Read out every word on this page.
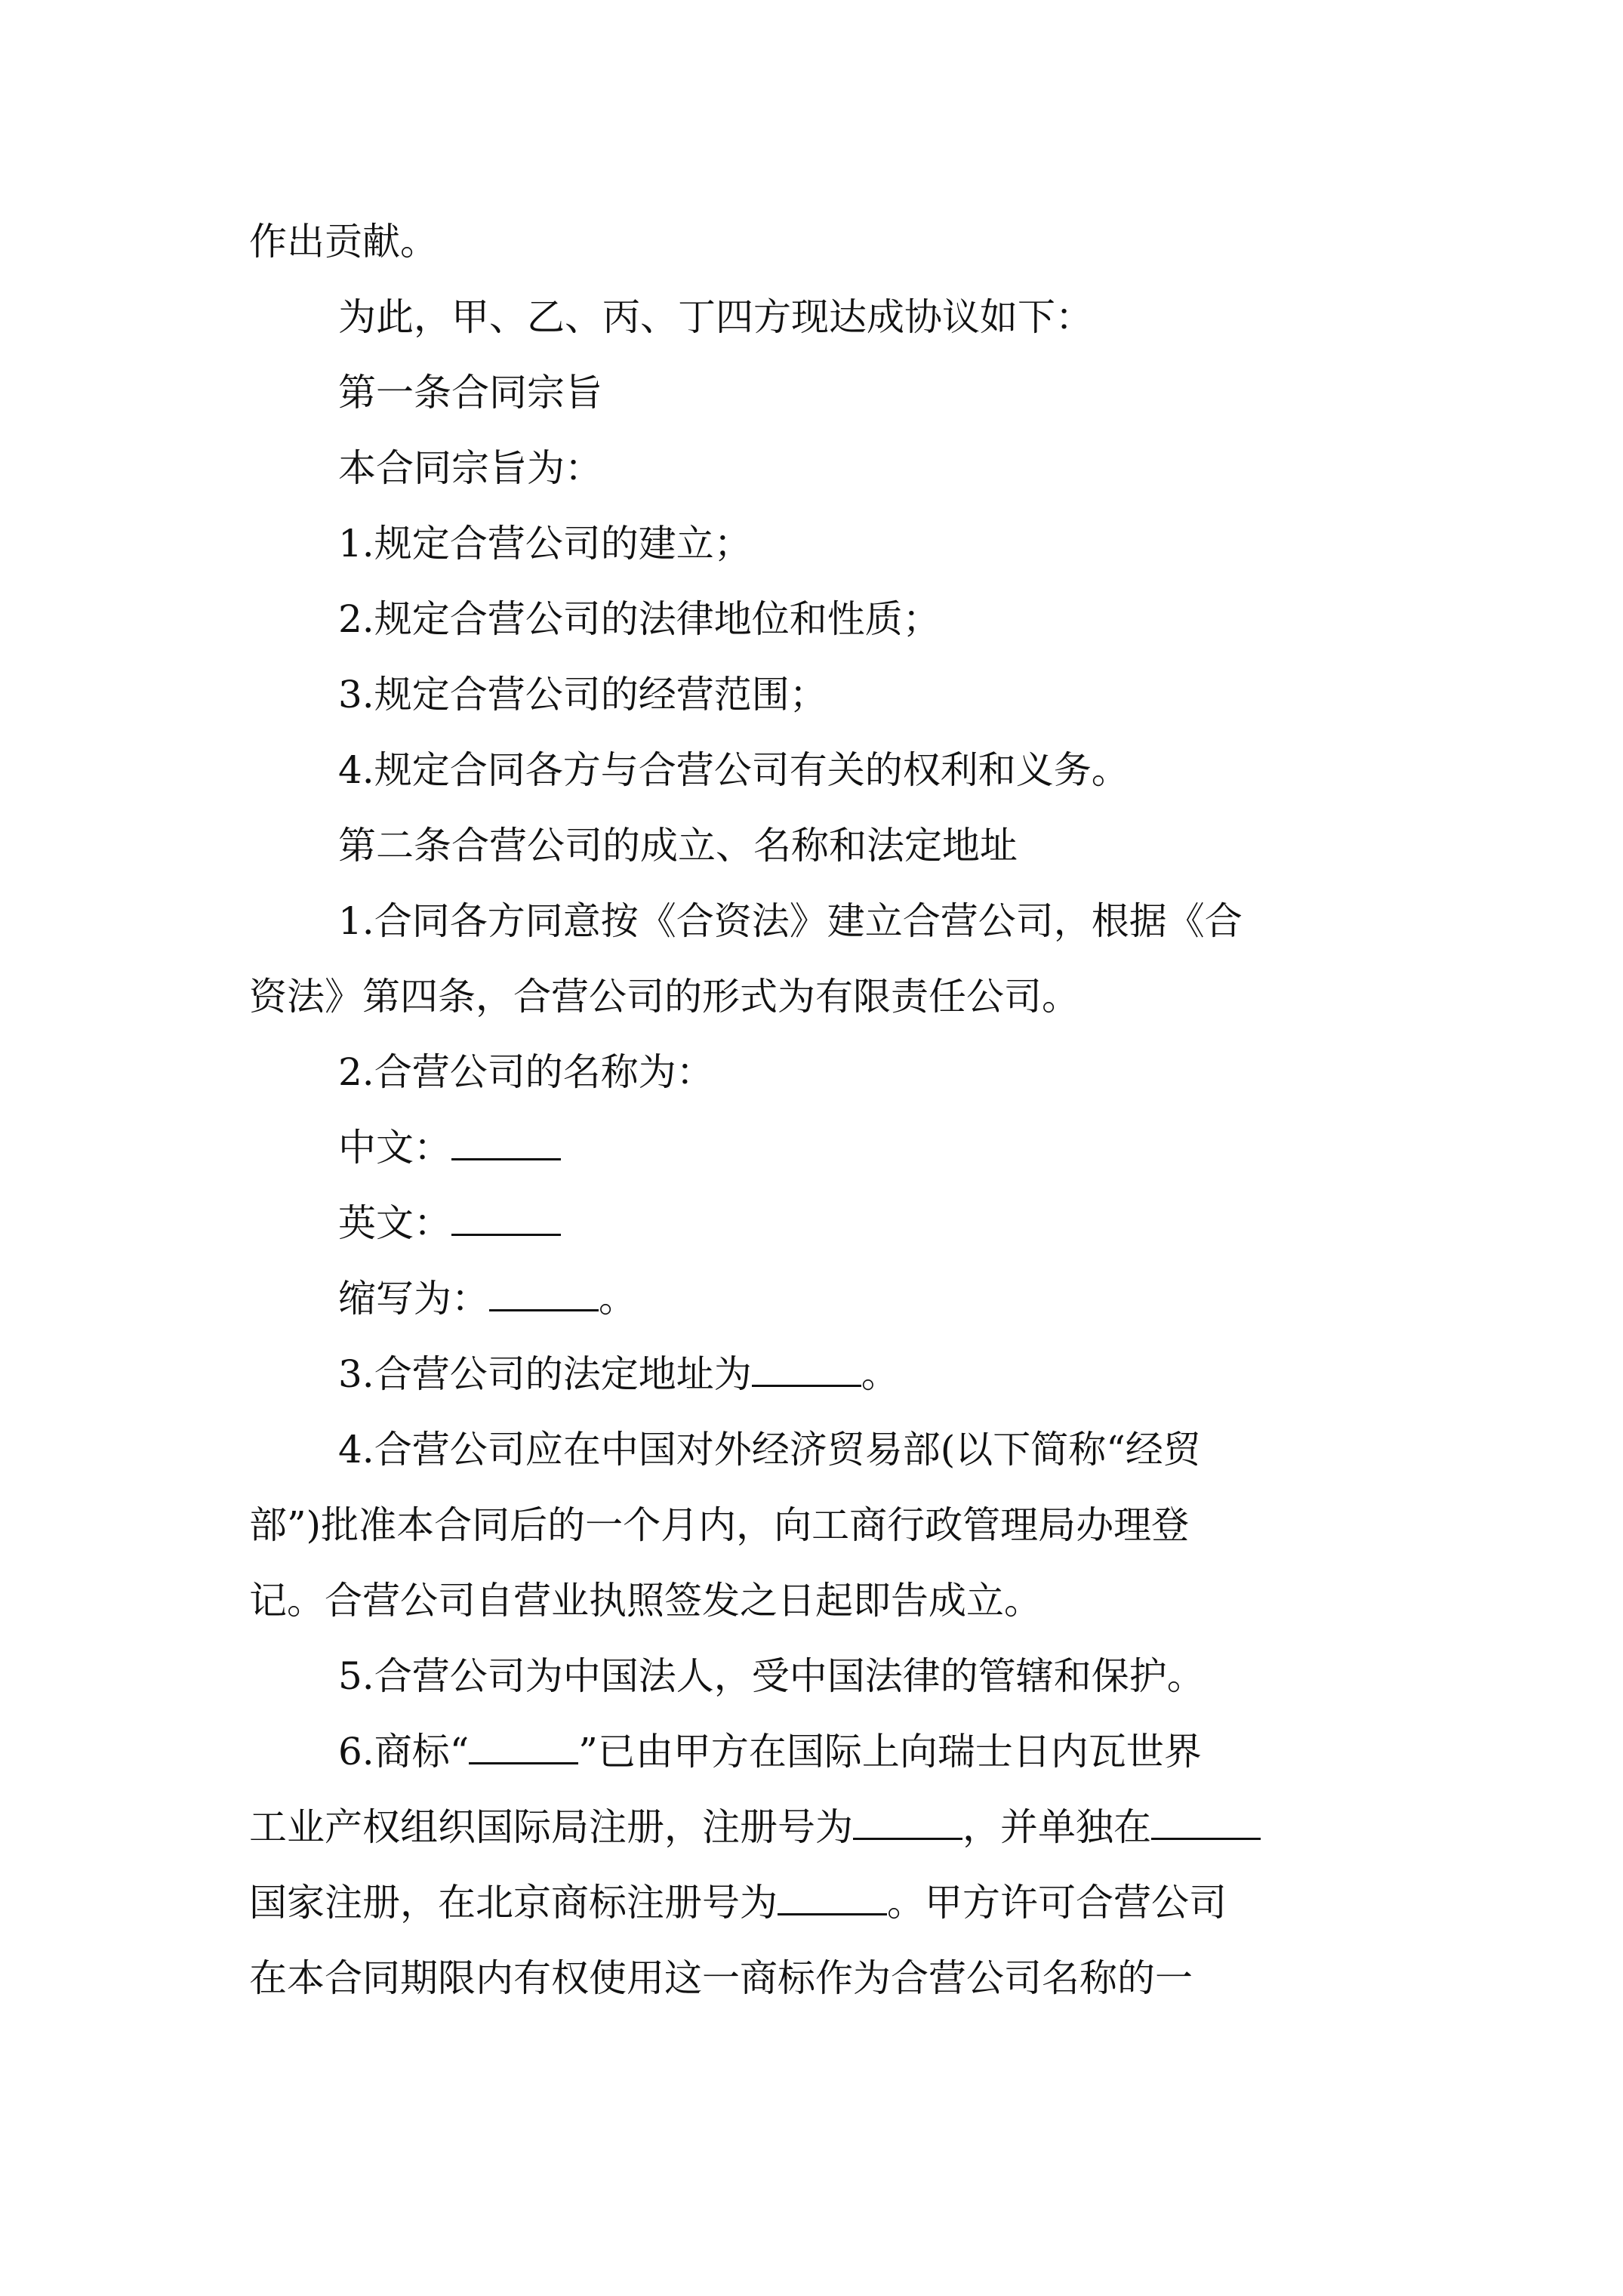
作出贡献。

为此，甲、乙、丙、丁四方现达成协议如下：

第一条合同宗旨

本合同宗旨为：

1.规定合营公司的建立；

2.规定合营公司的法律地位和性质；

3.规定合营公司的经营范围；

4.规定合同各方与合营公司有关的权利和义务。

第二条合营公司的成立、名称和法定地址

1.合同各方同意按《合资法》建立合营公司，根据《合

资法》第四条，合营公司的形式为有限责任公司。

2.合营公司的名称为：

中文：

英文：

缩写为：	。

3.合营公司的法定地址为	。

4.合营公司应在中国对外经济贸易部(以下简称“经贸

部”)批准本合同后的一个月内，向工商行政管理局办理登

记。合营公司自营业执照签发之日起即告成立。

5.合营公司为中国法人，受中国法律的管辖和保护。

6.商标“	”已由甲方在国际上向瑞士日内瓦世界

工业产权组织国际局注册，注册号为	，并单独在

国家注册，在北京商标注册号为	。甲方许可合营公司

在本合同期限内有权使用这一商标作为合营公司名称的一
